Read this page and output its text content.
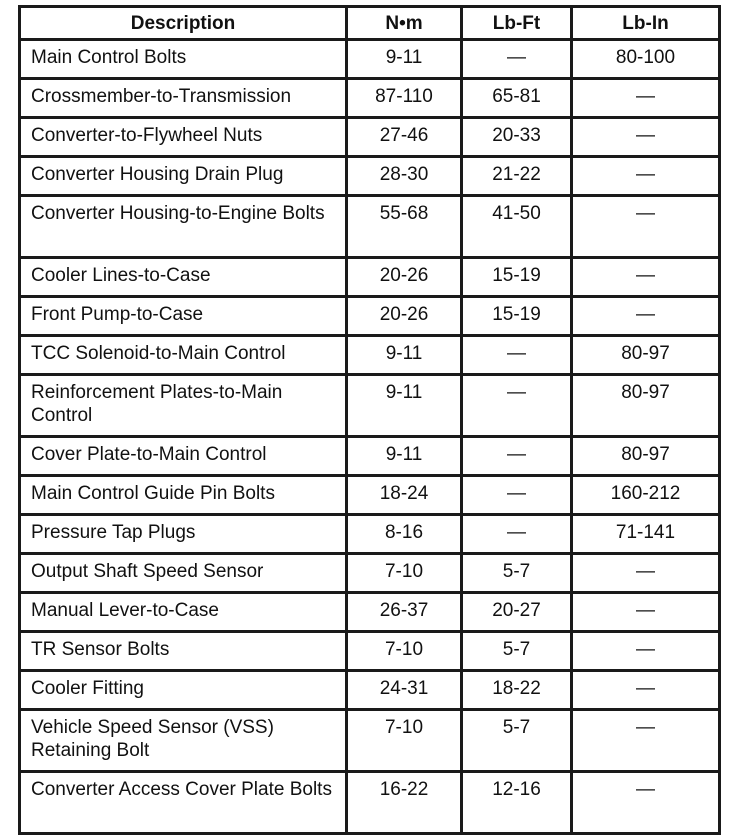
Description	N•m	Lb-Ft	Lb-In
Main Control Bolts	9-11	—	80-100
Crossmember-to-Transmission	87-110	65-81	—
Converter-to-Flywheel Nuts	27-46	20-33	—
Converter Housing Drain Plug	28-30	21-22	—
Converter Housing-to-Engine Bolts	55-68	41-50	—
Cooler Lines-to-Case	20-26	15-19	—
Front Pump-to-Case	20-26	15-19	—
TCC Solenoid-to-Main Control	9-11	—	80-97
Reinforcement Plates-to-Main Control	9-11	—	80-97
Cover Plate-to-Main Control	9-11	—	80-97
Main Control Guide Pin Bolts	18-24	—	160-212
Pressure Tap Plugs	8-16	—	71-141
Output Shaft Speed Sensor	7-10	5-7	—
Manual Lever-to-Case	26-37	20-27	—
TR Sensor Bolts	7-10	5-7	—
Cooler Fitting	24-31	18-22	—
Vehicle Speed Sensor (VSS) Retaining Bolt	7-10	5-7	—
Converter Access Cover Plate Bolts	16-22	12-16	—
